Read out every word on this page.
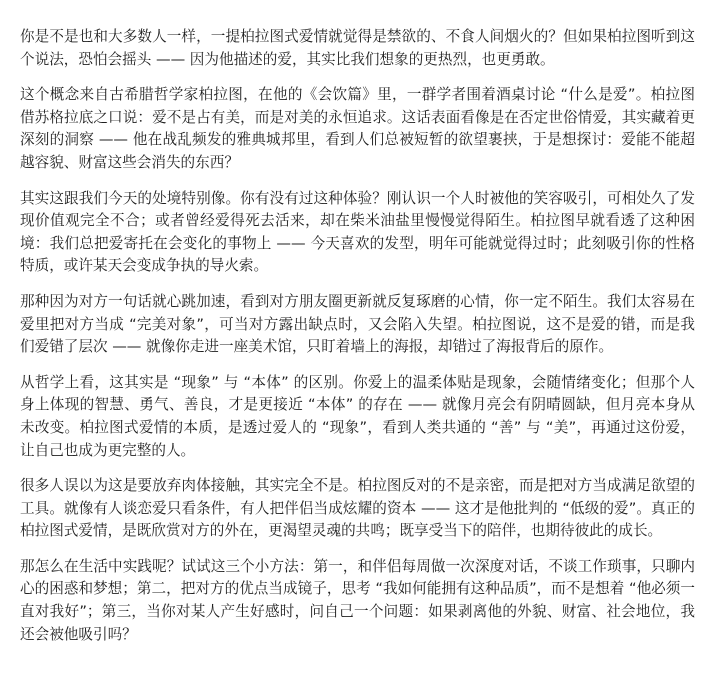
你是不是也和大多数人一样，一提柏拉图式爱情就觉得是禁欲的、不食人间烟火的？但如果柏拉图听到这个说法，恐怕会摇头 —— 因为他描述的爱，其实比我们想象的更热烈，也更勇敢。

这个概念来自古希腊哲学家柏拉图，在他的《会饮篇》里，一群学者围着酒桌讨论 “什么是爱”。柏拉图借苏格拉底之口说：爱不是占有美，而是对美的永恒追求。这话表面看像是在否定世俗情爱，其实藏着更深刻的洞察 —— 他在战乱频发的雅典城邦里，看到人们总被短暂的欲望裹挟，于是想探讨：爱能不能超越容貌、财富这些会消失的东西？

其实这跟我们今天的处境特别像。你有没有过这种体验？刚认识一个人时被他的笑容吸引，可相处久了发现价值观完全不合；或者曾经爱得死去活来，却在柴米油盐里慢慢觉得陌生。柏拉图早就看透了这种困境：我们总把爱寄托在会变化的事物上 —— 今天喜欢的发型，明年可能就觉得过时；此刻吸引你的性格特质，或许某天会变成争执的导火索。

那种因为对方一句话就心跳加速，看到对方朋友圈更新就反复琢磨的心情，你一定不陌生。我们太容易在爱里把对方当成 “完美对象”，可当对方露出缺点时，又会陷入失望。柏拉图说，这不是爱的错，而是我们爱错了层次 —— 就像你走进一座美术馆，只盯着墙上的海报，却错过了海报背后的原作。

从哲学上看，这其实是 “现象” 与 “本体” 的区别。你爱上的温柔体贴是现象，会随情绪变化；但那个人身上体现的智慧、勇气、善良，才是更接近 “本体” 的存在 —— 就像月亮会有阴晴圆缺，但月亮本身从未改变。柏拉图式爱情的本质，是透过爱人的 “现象”，看到人类共通的 “善” 与 “美”，再通过这份爱，让自己也成为更完整的人。

很多人误以为这是要放弃肉体接触，其实完全不是。柏拉图反对的不是亲密，而是把对方当成满足欲望的工具。就像有人谈恋爱只看条件，有人把伴侣当成炫耀的资本 —— 这才是他批判的 “低级的爱”。真正的柏拉图式爱情，是既欣赏对方的外在，更渴望灵魂的共鸣；既享受当下的陪伴，也期待彼此的成长。

那怎么在生活中实践呢？试试这三个小方法：第一，和伴侣每周做一次深度对话，不谈工作琐事，只聊内心的困惑和梦想；第二，把对方的优点当成镜子，思考 “我如何能拥有这种品质”，而不是想着 “他必须一直对我好”；第三，当你对某人产生好感时，问自己一个问题：如果剥离他的外貌、财富、社会地位，我还会被他吸引吗？
